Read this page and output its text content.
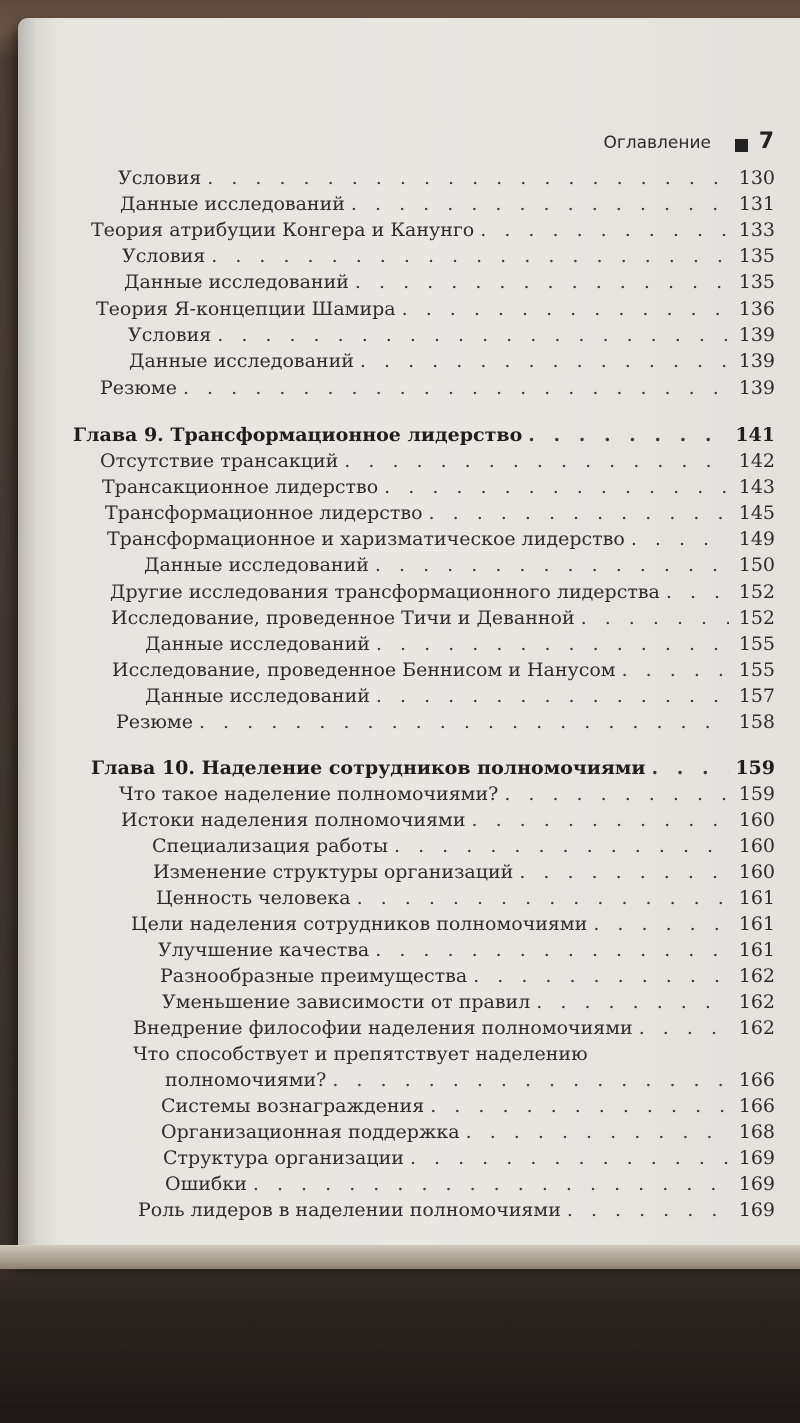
Оглавление 7
Условия . . .	130
Данные исследований . . .	131
Теория атрибуции Конгера и Канунго . . .	133
Условия . . .	135
Данные исследований . . .	135
Теория Я-концепции Шамира . . .	136
Условия . . .	139
Данные исследований . . .	139
Резюме . . .	139
Глава 9. Трансформационное лидерство . . .	141
Отсутствие трансакций . . .	142
Трансакционное лидерство . . .	143
Трансформационное лидерство . . .	145
Трансформационное и харизматическое лидерство . . .	149
Данные исследований . . .	150
Другие исследования трансформационного лидерства . . .	152
Исследование, проведенное Тичи и Деванной . . .	152
Данные исследований . . .	155
Исследование, проведенное Беннисом и Нанусом . . .	155
Данные исследований . . .	157
Резюме . . .	158
Глава 10. Наделение сотрудников полномочиями . . .	159
Что такое наделение полномочиями? . . .	159
Истоки наделения полномочиями . . .	160
Специализация работы . . .	160
Изменение структуры организаций . . .	160
Ценность человека . . .	161
Цели наделения сотрудников полномочиями . . .	161
Улучшение качества . . .	161
Разнообразные преимущества . . .	162
Уменьшение зависимости от правил . . .	162
Внедрение философии наделения полномочиями . . .	162
Что способствует и препятствует наделению
полномочиями? . . .	166
Системы вознаграждения . . .	166
Организационная поддержка . . .	168
Структура организации . . .	169
Ошибки . . .	169
Роль лидеров в наделении полномочиями . . .	169
